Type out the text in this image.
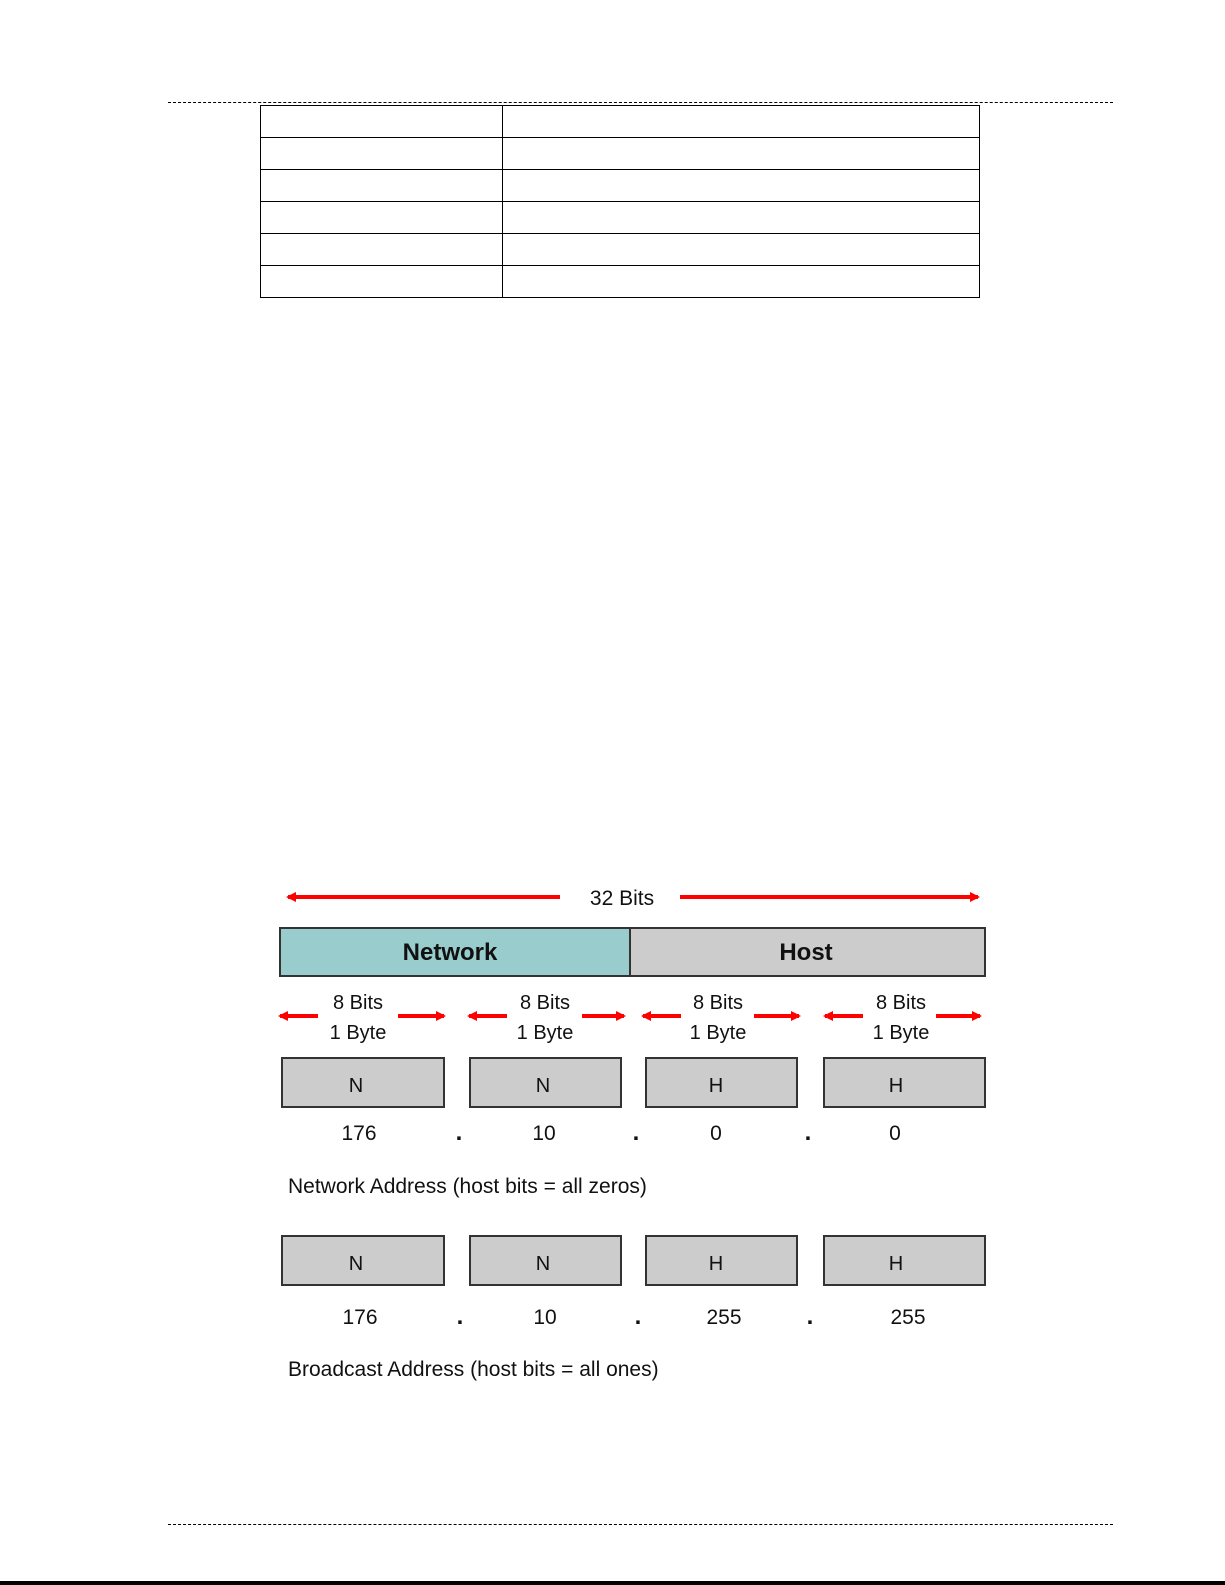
32 Bits
Network	Host
8 Bits
1 Byte
8 Bits
1 Byte
8 Bits
1 Byte
8 Bits
1 Byte
N	N	H	H
176	.	10	.	0	.	0
Network Address (host bits = all zeros)
N	N	H	H
176	.	10	.	255	.	255
Broadcast Address (host bits = all ones)
